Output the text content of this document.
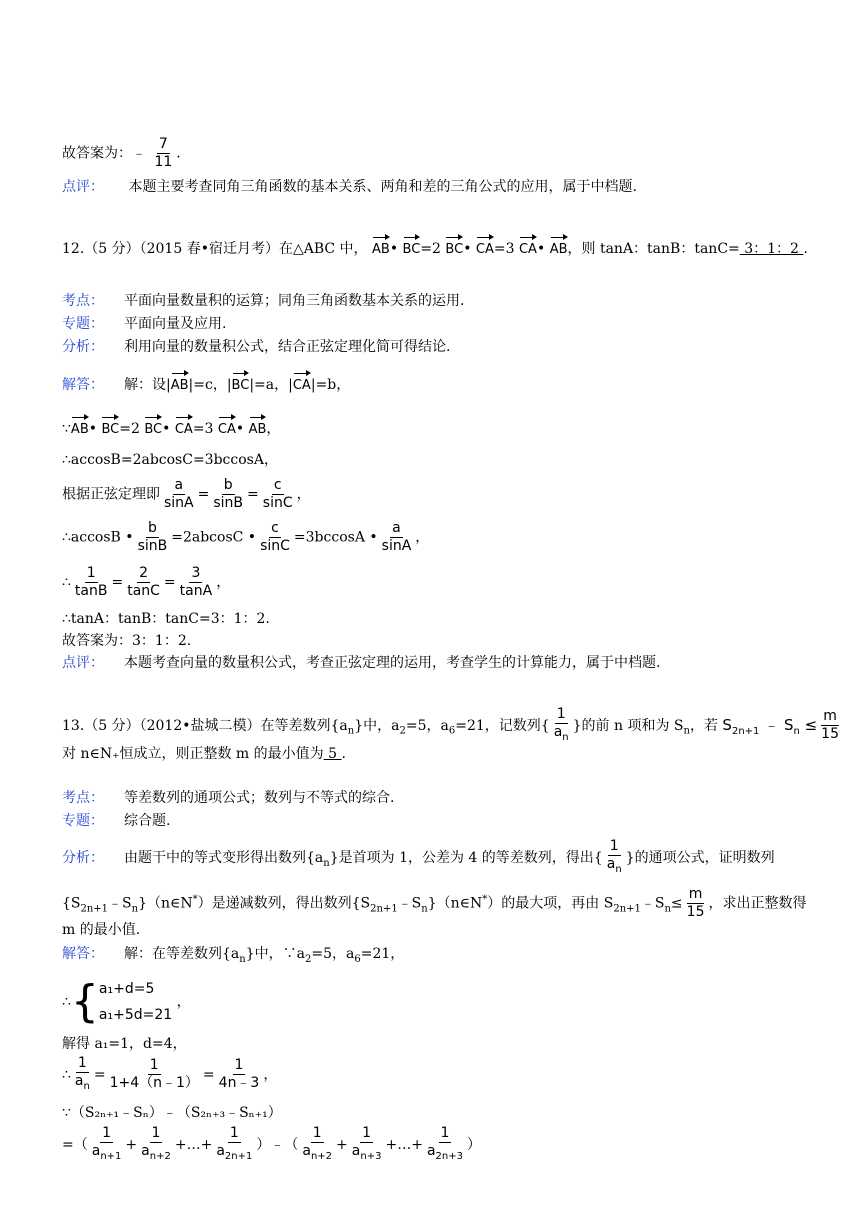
故答案为：﹣ $\frac{7}{11}$ .
点评： 本题主要考查同角三角函数的基本关系、两角和差的三角公式的应用，属于中档题.
12.（5 分）（2015 春•宿迁月考）在△ABC 中， AB• BC=2 BC• CA=3 CA• AB，则 tanA：tanB：tanC= 3：1：2 .
考点： 平面向量数量积的运算；同角三角函数基本关系的运用.
专题： 平面向量及应用.
分析： 利用向量的数量积公式，结合正弦定理化简可得结论.
解答： 解：设|AB|=c，|BC|=a，|CA|=b，
∵AB• BC=2 BC• CA=3 CA• AB，
∴accosB=2abcosC=3bccosA，
根据正弦定理即 $\frac{a}{\sin A} = \frac{b}{\sin B} = \frac{c}{\sin C}$ ，
∴accosB • $\frac{b}{\sin B} =2abcosC$ • $\frac{c}{\sin C} =3bccosA$ • $\frac{a}{\sin A}$ ，
∴ $\frac{1}{\tan B} = \frac{2}{\tan C} = \frac{3}{\tan A}$ ，
∴tanA：tanB：tanC=3：1：2.
故答案为：3：1：2.
点评： 本题考查向量的数量积公式，考查正弦定理的运用，考查学生的计算能力，属于中档题.
13.（5 分）（2012•盐城二模）在等差数列$\{a_n\}$中，$a_2=5$，$a_6=21$，记数列{ $\frac{1}{a_n}$ }的前 n 项和为 $S_n$，若 $S_{2n+1}$ ﹣ $S_n \le \frac{m}{15}$
对 n∈N₊恒成立，则正整数 m 的最小值为 5 .
考点： 等差数列的通项公式；数列与不等式的综合.
专题： 综合题.
分析： 由题干中的等式变形得出数列$\{a_n\}$是首项为 1，公差为 4 的等差数列，得出{ $\frac{1}{a_n}$ }的通项公式，证明数列
$\{S_{2n+1}﹣S_n\}(n\in N^*)$是递减数列，得出数列$\{S_{2n+1}﹣S_n\}(n\in N^*)$的最大项，再由 $S_{2n+1}﹣S_n\le \frac{m}{15}$ ，求出正整数得
m 的最小值.
解答： 解：在等差数列$\{a_n\}$中，$\because a_2=5$，$a_6=21$，
∴{ a₁+d=5
a₁+5d=21
，
解得 a₁=1，d=4，
∴ $\frac{1}{a_n} = \frac{1}{1+4(n﹣1)} = \frac{1}{4n﹣3}$ ，
∵（S₂ₙ₊₁﹣Sₙ）﹣（S₂ₙ₊₃﹣Sₙ₊₁）
=（ $\frac{1}{a_{n+1}} + \frac{1}{a_{n+2}}$ +…+ $\frac{1}{a_{2n+1}}$ ）﹣（ $\frac{1}{a_{n+2}} + \frac{1}{a_{n+3}}$ +…+ $\frac{1}{a_{2n+3}}$ ）
